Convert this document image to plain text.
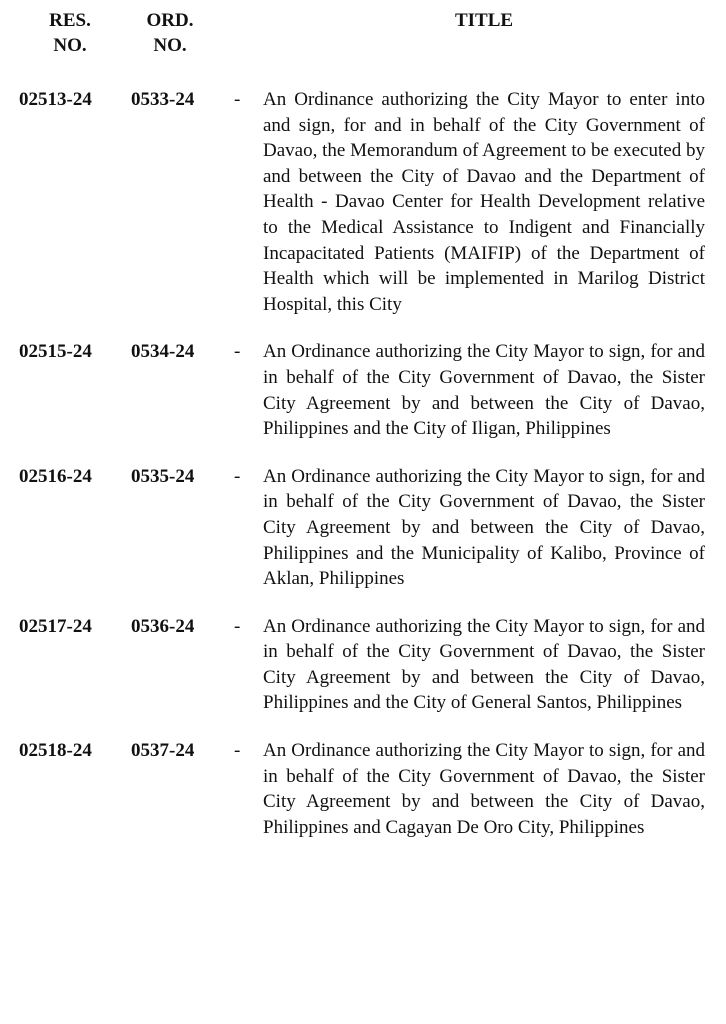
RES.
NO.
ORD.
NO.
TITLE
02513-24 0533-24 - An Ordinance authorizing the City Mayor to enter into and sign, for and in behalf of the City Government of Davao, the Memorandum of Agreement to be executed by and between the City of Davao and the Department of Health - Davao Center for Health Development relative to the Medical Assistance to Indigent and Financially Incapacitated Patients (MAIFIP) of the Department of Health which will be implemented in Marilog District Hospital, this City
02515-24 0534-24 - An Ordinance authorizing the City Mayor to sign, for and in behalf of the City Government of Davao, the Sister City Agreement by and between the City of Davao, Philippines and the City of Iligan, Philippines
02516-24 0535-24 - An Ordinance authorizing the City Mayor to sign, for and in behalf of the City Government of Davao, the Sister City Agreement by and between the City of Davao, Philippines and the Municipality of Kalibo, Province of Aklan, Philippines
02517-24 0536-24 - An Ordinance authorizing the City Mayor to sign, for and in behalf of the City Government of Davao, the Sister City Agreement by and between the City of Davao, Philippines and the City of General Santos, Philippines
02518-24 0537-24 - An Ordinance authorizing the City Mayor to sign, for and in behalf of the City Government of Davao, the Sister City Agreement by and between the City of Davao, Philippines and Cagayan De Oro City, Philippines
